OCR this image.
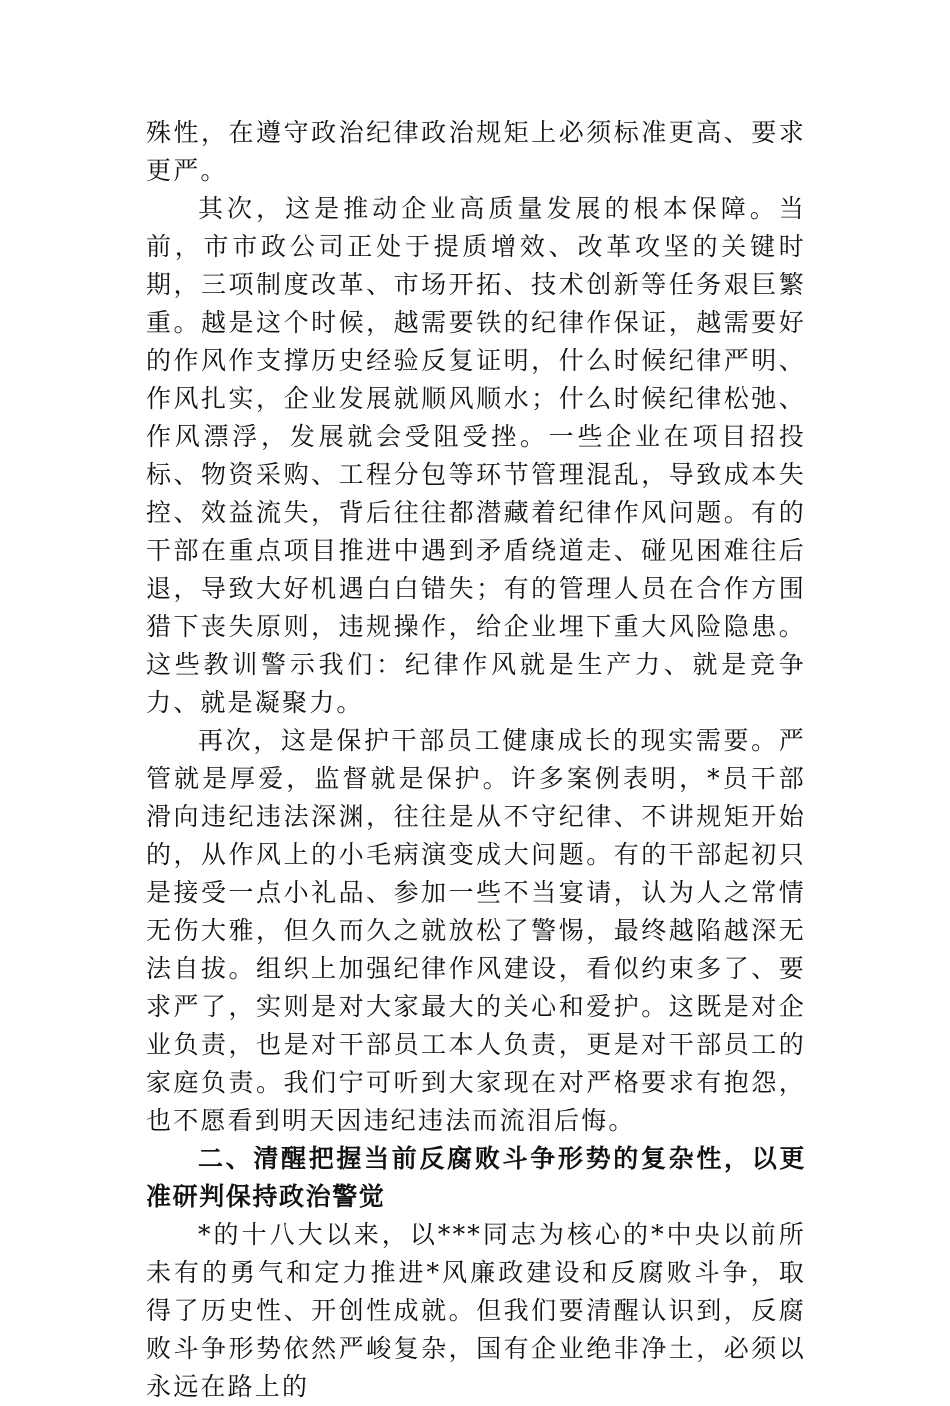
殊性，在遵守政治纪律政治规矩上必须标准更高、要求更严。

其次，这是推动企业高质量发展的根本保障。当前，市市政公司正处于提质增效、改革攻坚的关键时期，三项制度改革、市场开拓、技术创新等任务艰巨繁重。越是这个时候，越需要铁的纪律作保证，越需要好的作风作支撑历史经验反复证明，什么时候纪律严明、作风扎实，企业发展就顺风顺水；什么时候纪律松弛、作风漂浮，发展就会受阻受挫。一些企业在项目招投标、物资采购、工程分包等环节管理混乱，导致成本失控、效益流失，背后往往都潜藏着纪律作风问题。有的干部在重点项目推进中遇到矛盾绕道走、碰见困难往后退，导致大好机遇白白错失；有的管理人员在合作方围猎下丧失原则，违规操作，给企业埋下重大风险隐患。这些教训警示我们：纪律作风就是生产力、就是竞争力、就是凝聚力。

再次，这是保护干部员工健康成长的现实需要。严管就是厚爱，监督就是保护。许多案例表明，*员干部滑向违纪违法深渊，往往是从不守纪律、不讲规矩开始的，从作风上的小毛病演变成大问题。有的干部起初只是接受一点小礼品、参加一些不当宴请，认为人之常情无伤大雅，但久而久之就放松了警惕，最终越陷越深无法自拔。组织上加强纪律作风建设，看似约束多了、要求严了，实则是对大家最大的关心和爱护。这既是对企业负责，也是对干部员工本人负责，更是对干部员工的家庭负责。我们宁可听到大家现在对严格要求有抱怨，也不愿看到明天因违纪违法而流泪后悔。

二、清醒把握当前反腐败斗争形势的复杂性，以更准研判保持政治警觉

*的十八大以来，以***同志为核心的*中央以前所未有的勇气和定力推进*风廉政建设和反腐败斗争，取得了历史性、开创性成就。但我们要清醒认识到，反腐败斗争形势依然严峻复杂，国有企业绝非净土，必须以永远在路上的
